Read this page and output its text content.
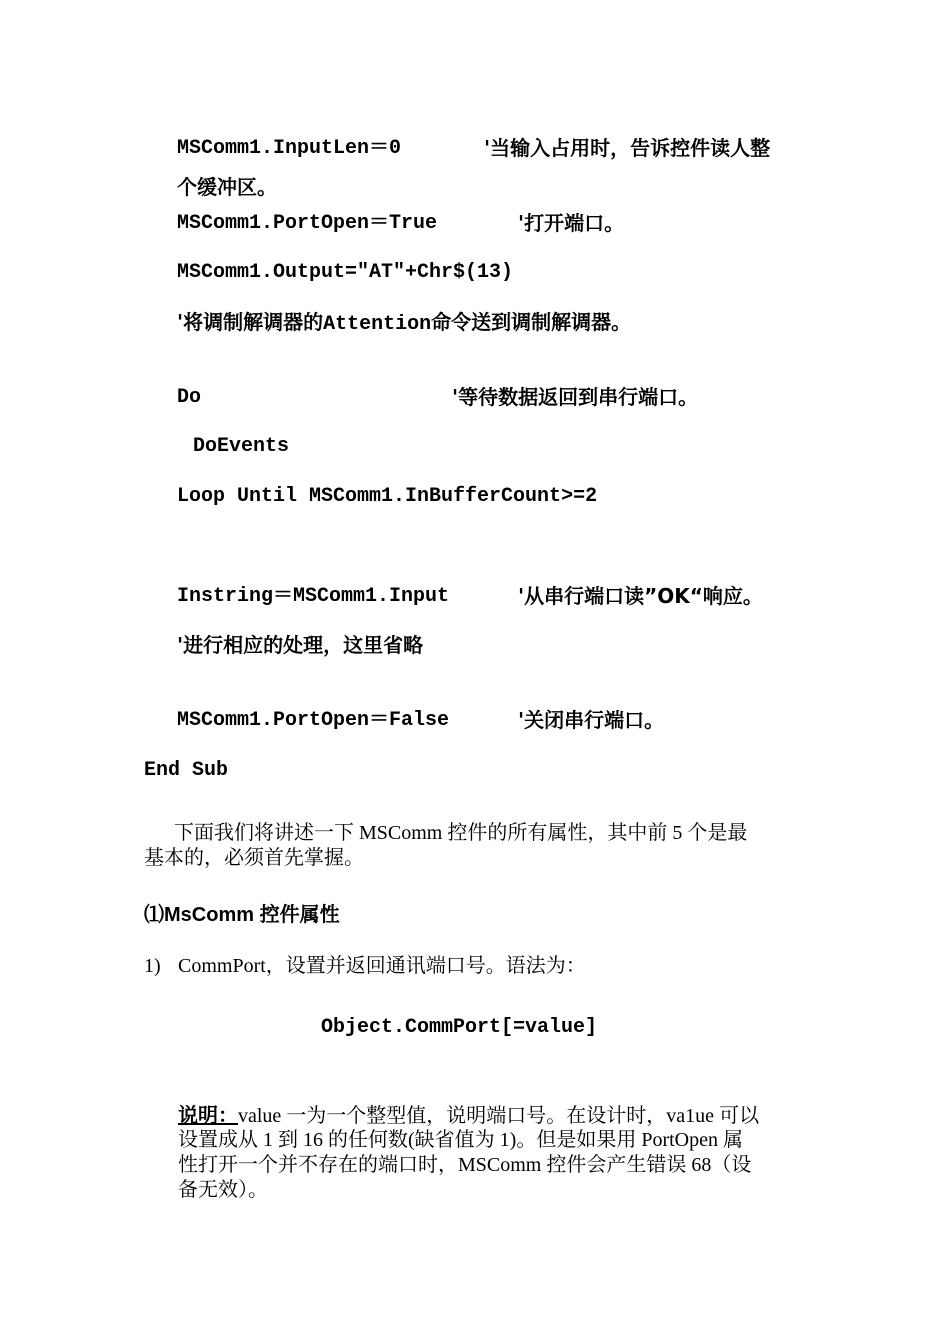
MSComm1.InputLen＝0	'当输入占用时，告诉控件读人整
个缓冲区。
MSComm1.PortOpen＝True	'打开端口。
MSComm1.Output="AT"+Chr$(13)
'将调制解调器的Attention命令送到调制解调器。
Do	'等待数据返回到串行端口。
DoEvents
Loop Until MSComm1.InBufferCount>=2
Instring＝MSComm1.Input	'从串行端口读”OK“响应。
'进行相应的处理，这里省略
MSComm1.PortOpen＝False	'关闭串行端口。
End Sub
下面我们将讲述一下 MSComm 控件的所有属性，其中前 5 个是最
基本的，必须首先掌握。
⑴MsComm 控件属性
1) CommPort，设置并返回通讯端口号。语法为：
Object.CommPort[=value]
说明：value 一为一个整型值，说明端口号。在设计时，va1ue 可以
设置成从 1 到 16 的任何数(缺省值为 1)。但是如果用 PortOpen 属
性打开一个并不存在的端口时，MSComm 控件会产生错误 68（设
备无效）。
